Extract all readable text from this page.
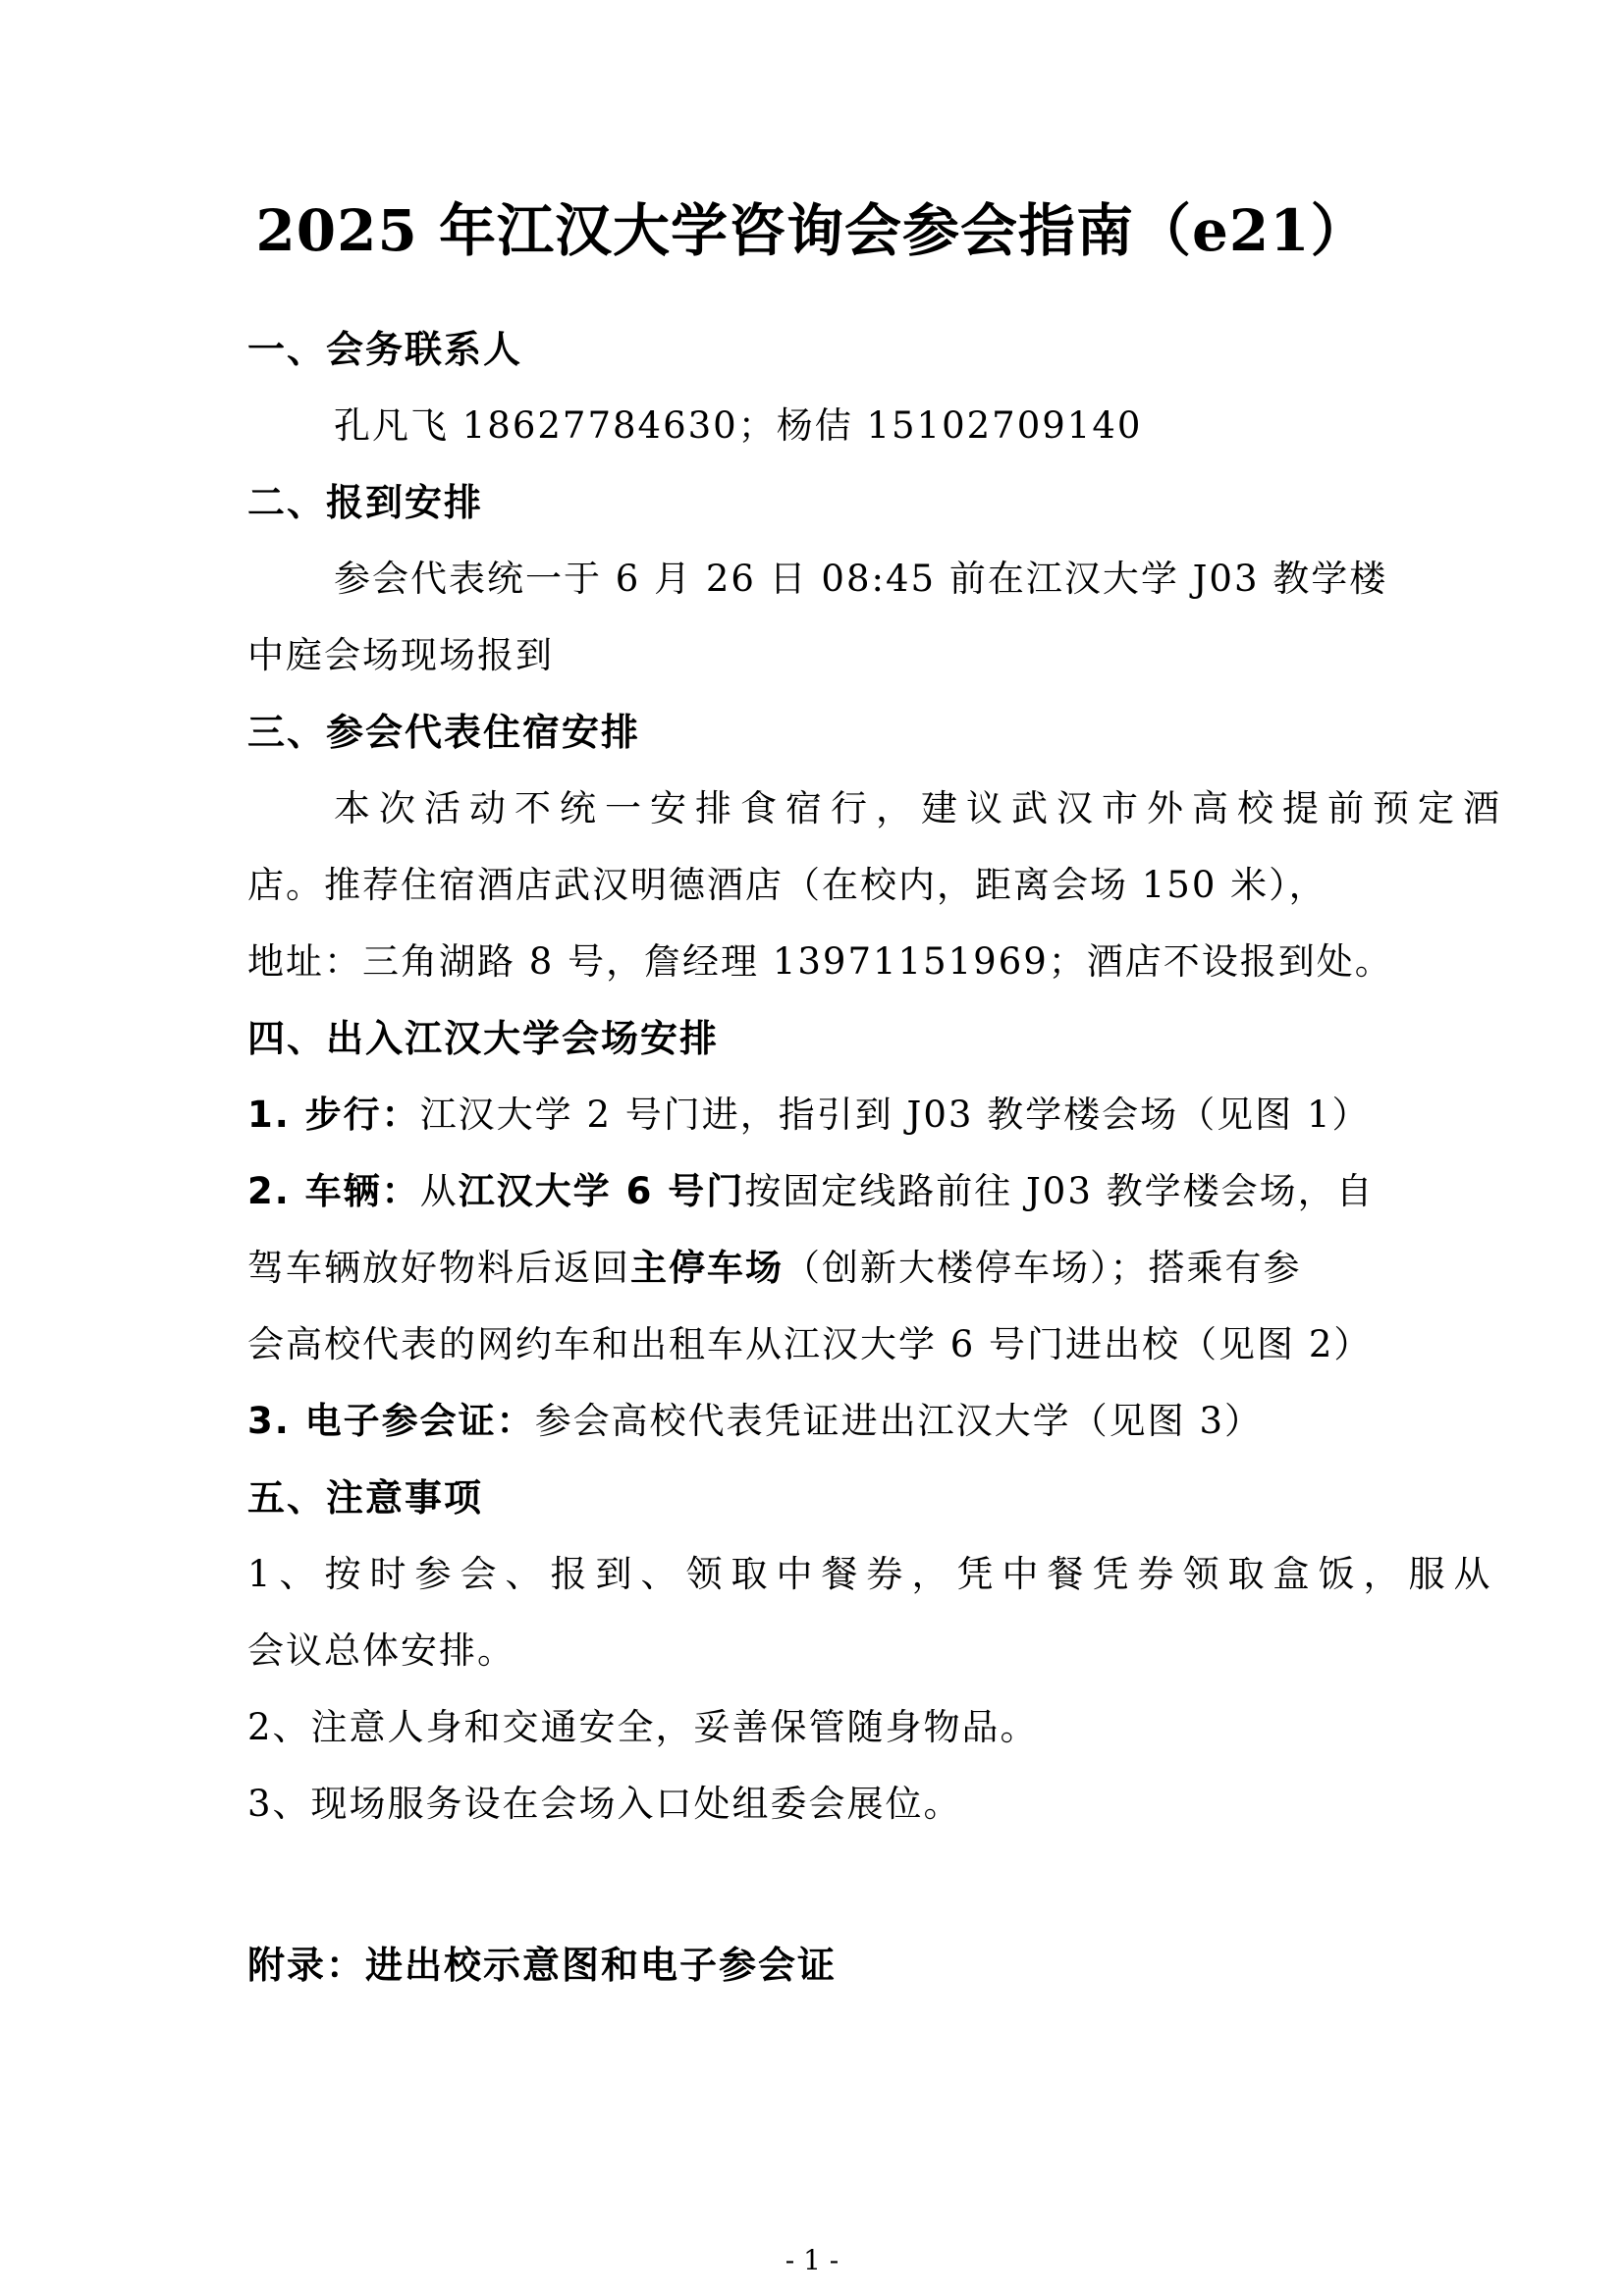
2025 年江汉大学咨询会参会指南（e21）
一、会务联系人
孔凡飞 18627784630；杨佶 15102709140
二、报到安排
参会代表统一于 6 月 26 日 08:45 前在江汉大学 J03 教学楼
中庭会场现场报到
三、参会代表住宿安排
本次活动不统一安排食宿行，建议武汉市外高校提前预定酒
店。推荐住宿酒店武汉明德酒店（在校内，距离会场 150 米），
地址：三角湖路 8 号，詹经理 13971151969；酒店不设报到处。
四、出入江汉大学会场安排
1. 步行：江汉大学 2 号门进，指引到 J03 教学楼会场（见图 1）
2. 车辆：从江汉大学 6 号门按固定线路前往 J03 教学楼会场，自
驾车辆放好物料后返回主停车场（创新大楼停车场）；搭乘有参
会高校代表的网约车和出租车从江汉大学 6 号门进出校（见图 2）
3. 电子参会证：参会高校代表凭证进出江汉大学（见图 3）
五、注意事项
1、按时参会、报到、领取中餐券，凭中餐凭券领取盒饭，服从
会议总体安排。
2、注意人身和交通安全，妥善保管随身物品。
3、现场服务设在会场入口处组委会展位。
附录：进出校示意图和电子参会证
- 1 -
